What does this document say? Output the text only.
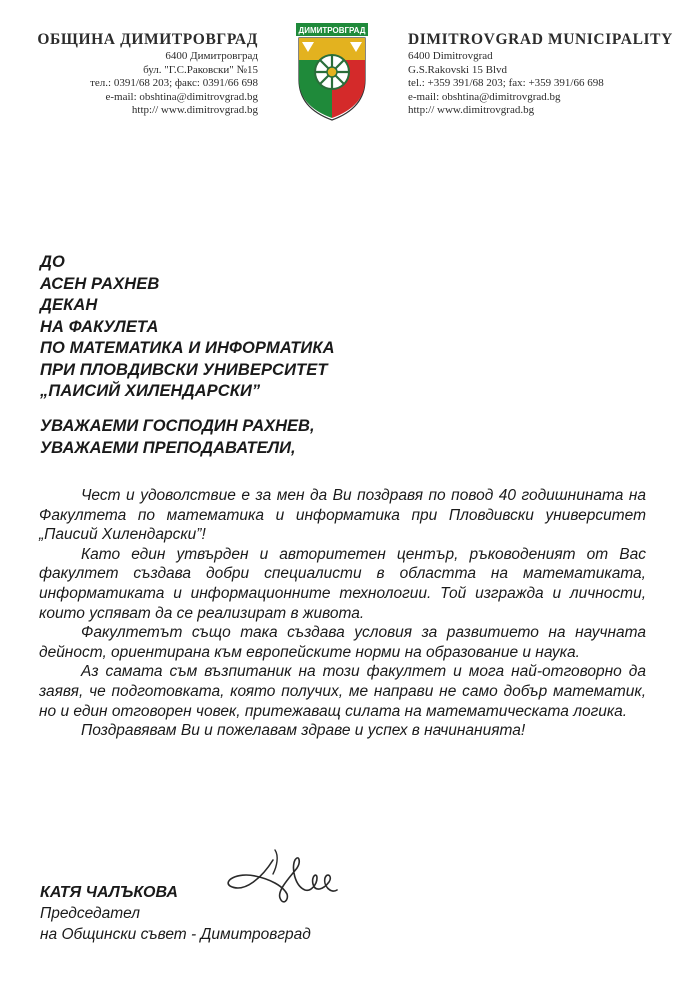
ОБЩИНА ДИМИТРОВГРАД
6400 Димитровград
бул. "Г.С.Раковски" №15
тел.: 0391/68 203; факс: 0391/66 698
e-mail: obshtina@dimitrovgrad.bg
http:// www.dimitrovgrad.bg
ДИМИТРОВГРАД
DIMITROVGRAD MUNICIPALITY
6400 Dimitrovgrad
G.S.Rakovski 15 Blvd
tel.: +359 391/68 203; fax: +359 391/66 698
e-mail: obshtina@dimitrovgrad.bg
http:// www.dimitrovgrad.bg
ДО
АСЕН РАХНЕВ
ДЕКАН
НА ФАКУЛЕТА
ПО МАТЕМАТИКА И ИНФОРМАТИКА
ПРИ ПЛОВДИВСКИ УНИВЕРСИТЕТ
„ПАИСИЙ ХИЛЕНДАРСКИ”
УВАЖАЕМИ ГОСПОДИН РАХНЕВ,
УВАЖАЕМИ ПРЕПОДАВАТЕЛИ,

Чест и удоволствие е за мен да Ви поздравя по повод 40 годишнината на Факултета по математика и информатика при Пловдивски университет „Паисий Хилендарски”!

Като един утвърден и авторитетен център, ръководеният от Вас факултет създава добри специалисти в областта на математиката, информатиката и информационните технологии. Той изгражда и личности, които успяват да се реализират в живота.

Факултетът също така създава условия за развитието на научната дейност, ориентирана към европейските норми на образование и наука.

Аз самата съм възпитаник на този факултет и мога най-отговорно да заявя, че подготовката, която получих, ме направи не само добър математик, но и един отговорен човек, притежаващ силата на математическата логика.

Поздравявам Ви и пожелавам здраве и успех в начинанията!

КАТЯ ЧАЛЪКОВА
Председател
на Общински съвет - Димитровград
